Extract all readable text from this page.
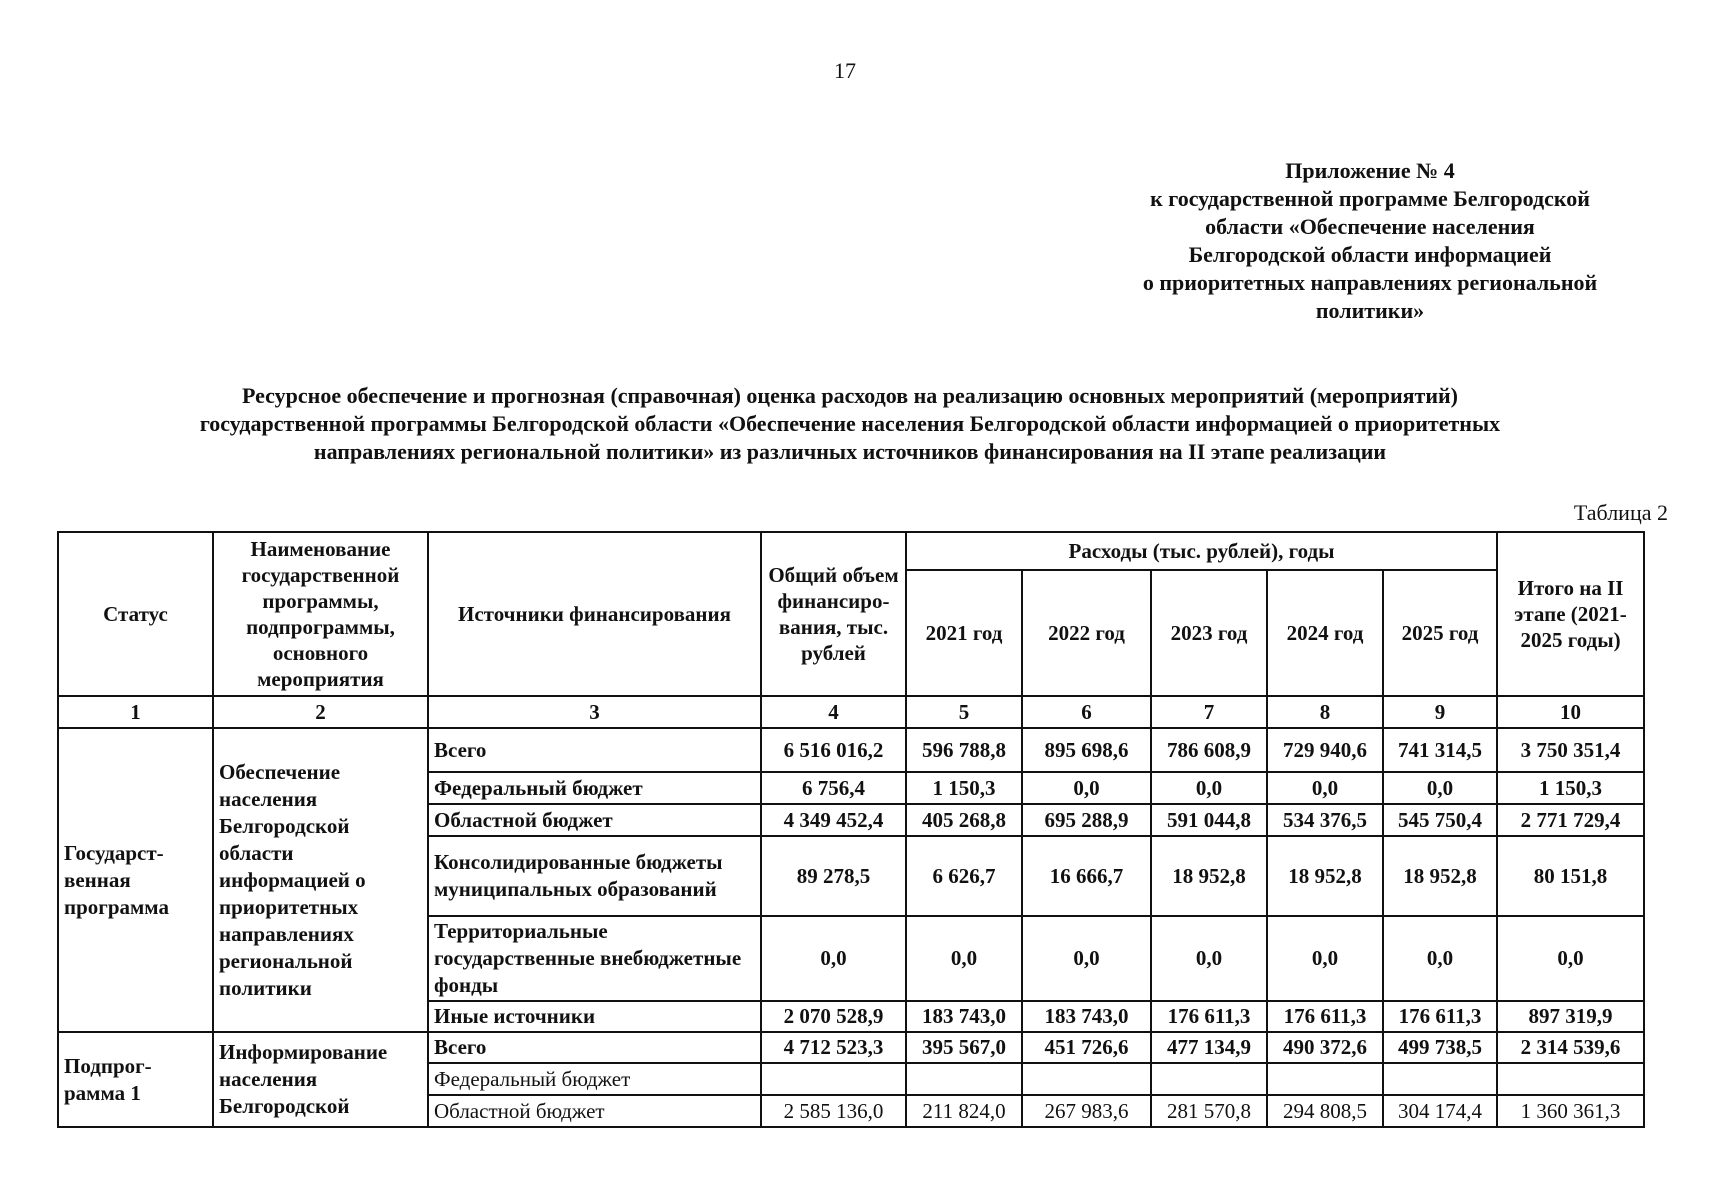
17
Приложение № 4
к государственной программе Белгородской
области «Обеспечение населения
Белгородской области информацией
о приоритетных направлениях региональной
политики»
Ресурсное обеспечение и прогнозная (справочная) оценка расходов на реализацию основных мероприятий (мероприятий)
государственной программы Белгородской области «Обеспечение населения Белгородской области информацией о приоритетных
направлениях региональной политики» из различных источников финансирования на II этапе реализации
Таблица 2
Статус	Наименование государственной программы, подпрограммы, основного мероприятия	Источники финансирования	Общий объем финансиро-вания, тыс. рублей	Расходы (тыс. рублей), годы					Итого на II этапе (2021-2025 годы)
				2021 год	2022 год	2023 год	2024 год	2025 год	
1	2	3	4	5	6	7	8	9	10
Государст-венная программа	Обеспечение населения Белгородской области информацией о приоритетных направлениях региональной политики	Всего	6 516 016,2	596 788,8	895 698,6	786 608,9	729 940,6	741 314,5	3 750 351,4
		Федеральный бюджет	6 756,4	1 150,3	0,0	0,0	0,0	0,0	1 150,3
		Областной бюджет	4 349 452,4	405 268,8	695 288,9	591 044,8	534 376,5	545 750,4	2 771 729,4
		Консолидированные бюджеты муниципальных образований	89 278,5	6 626,7	16 666,7	18 952,8	18 952,8	18 952,8	80 151,8
		Территориальные государственные внебюджетные фонды	0,0	0,0	0,0	0,0	0,0	0,0	0,0
		Иные источники	2 070 528,9	183 743,0	183 743,0	176 611,3	176 611,3	176 611,3	897 319,9
Подпрог-рамма 1	Информирование населения Белгородской	Всего	4 712 523,3	395 567,0	451 726,6	477 134,9	490 372,6	499 738,5	2 314 539,6
		Федеральный бюджет							
		Областной бюджет	2 585 136,0	211 824,0	267 983,6	281 570,8	294 808,5	304 174,4	1 360 361,3
